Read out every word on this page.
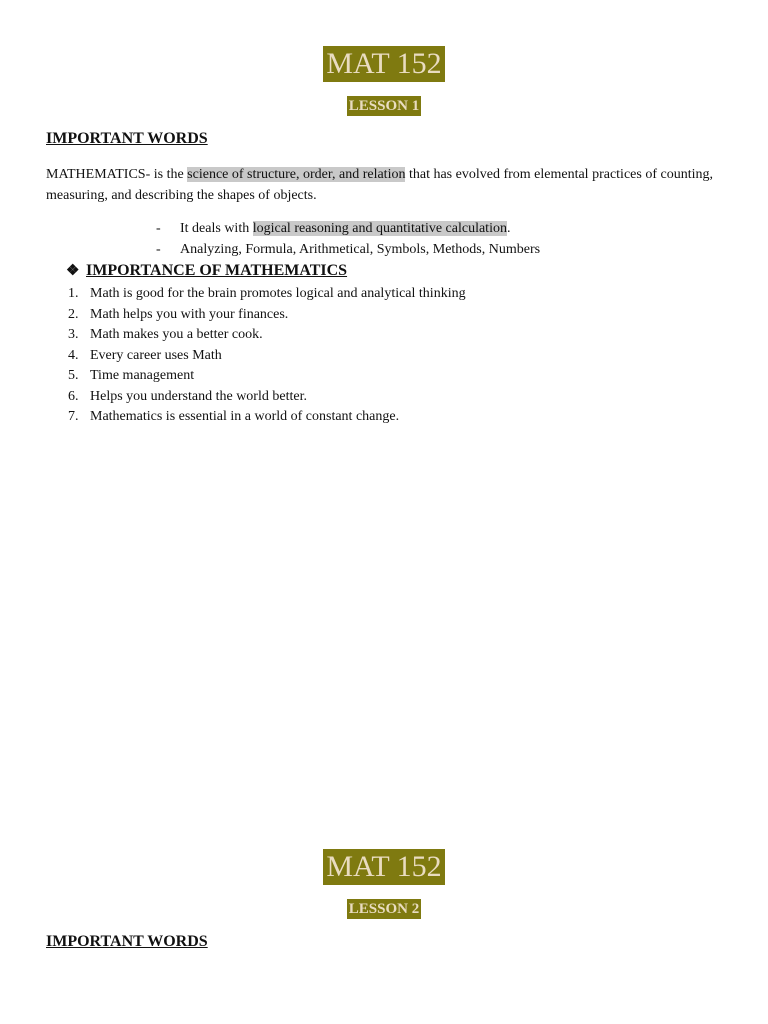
MAT 152
LESSON 1
IMPORTANT WORDS

MATHEMATICS- is the science of structure, order, and relation that has evolved from elemental practices of counting, measuring, and describing the shapes of objects.

- It deals with logical reasoning and quantitative calculation.
- Analyzing, Formula, Arithmetical, Symbols, Methods, Numbers
❖ IMPORTANCE OF MATHEMATICS
1. Math is good for the brain promotes logical and analytical thinking
2. Math helps you with your finances.
3. Math makes you a better cook.
4. Every career uses Math
5. Time management
6. Helps you understand the world better.
7. Mathematics is essential in a world of constant change.
MAT 152
LESSON 2
IMPORTANT WORDS
